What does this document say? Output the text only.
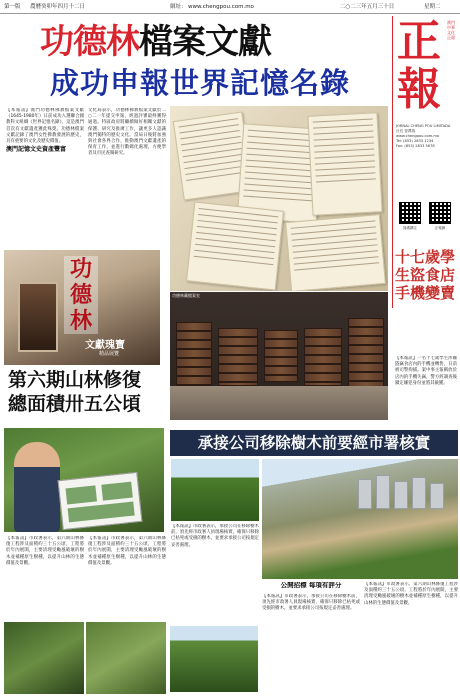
第一版 農曆癸卯年四月十二日	網址： www.chengpou.com.mo	二○二三年五月三十日	星期二
功德林檔案文獻
成功申報世界記憶名錄
正報
澳門中華文化正報
JORNAL CHENG POU LIMITADA
社長 曾澤瑞
www.chengpou.com.mo
Tel: (853) 2833 1234
Fax: (853) 2833 5678
掃碼關注	正報網
【本報訊】澳門功德林佛教檔案文獻（1645-1980年）日前成功入選聯合國教科文組織《世界記憶名錄》，這是澳門首次有文獻遺產獲此殊榮。功德林檔案文獻記錄了澳門女性佛教發展的歷史，具有重要的文化及歷史價值。
澳門記憶文史資產豐富
文化局表示，功德林佛教檔案文獻於二○二一年提交申報，經過評審最終獲得通過。特區政府將繼續做好相關文獻的保護、研究及推廣工作，讓更多人認識澳門獨特的歷史文化。當局日後將加強與社會各界合作，推動澳門文獻遺產的保育工作，並進行數碼化處理，方便學者及市民查閱研究。
功德林
文獻瑰寶
精品展覽
功德林藏檔案室
十七歲學生盜食店手機變賣
【本報訊】一名十七歲學生涉嫌盜竊食店內的手機並轉售，日前被司警拘捕。案中事主報稱放於店內的手機失竊，警方經調查後鎖定嫌犯身份並將其截獲。
第六期山林修復
總面積卅五公頃
【本報訊】市政署表示，第六期山林修復工程涉及面積約三十五公頃，工程將於年內展開，主要清理受颱風破壞的樹木並補種原生樹種，以提升山林的生態價值及景觀。
【本報訊】市政署表示，第六期山林修復工程涉及面積約三十五公頃，工程將於年內展開，主要清理受颱風破壞的樹木並補種原生樹種，以提升山林的生態價值及景觀。
承接公司移除樹木前要經市署核實
【本報訊】市政署表示，承接公司在移除樹木前，須先經市政署人員現場核實，確保只移除已枯死或受損的樹木，並要求承接公司按規定妥善處理。
公開招標 每項有評分
【本報訊】市政署表示，承接公司在移除樹木前，須先經市政署人員現場核實，確保只移除已枯死或受損的樹木，並要求承接公司按規定妥善處理。
【本報訊】市政署表示，第六期山林修復工程涉及面積約三十五公頃，工程將於年內展開，主要清理受颱風破壞的樹木並補種原生樹種，以提升山林的生態價值及景觀。
